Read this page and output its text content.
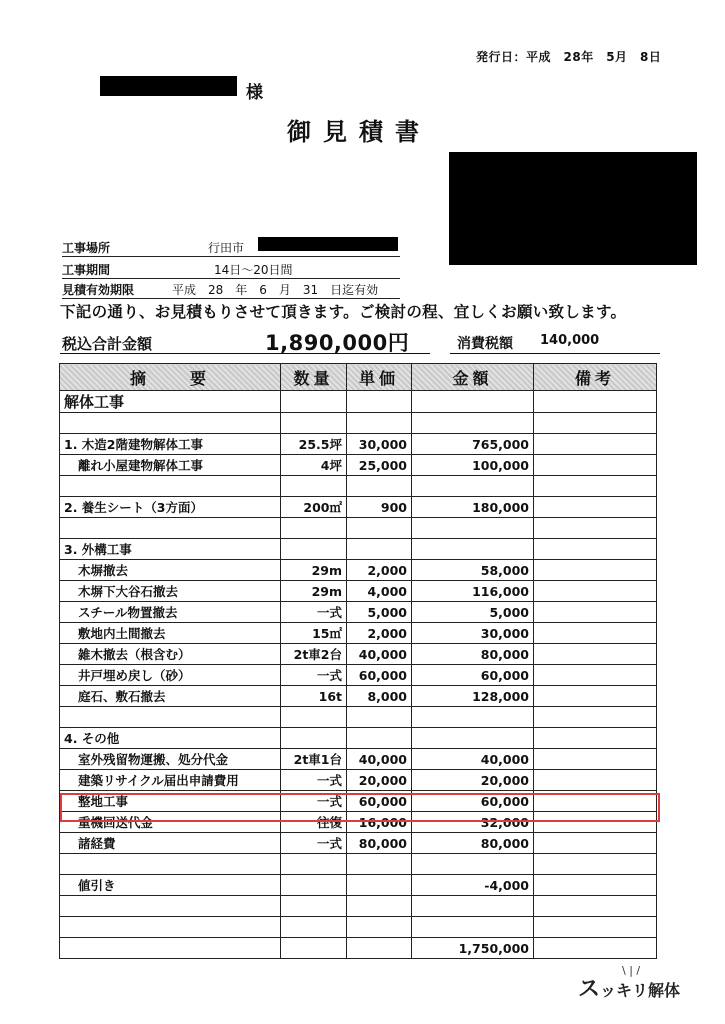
発行日：平成　28年　5月　8日
様
御見積書
工事場所	行田市
工事期間	14日～20日間
見積有効期限	平成　28　年　6　月　31　日迄有効
下記の通り、お見積もりさせて頂きます。ご検討の程、宜しくお願い致します。
税込合計金額	1,890,000円	消費税額 140,000
摘　　要	数量	単価	金額	備考
解体工事				

1. 木造2階建物解体工事	25.5坪	30,000	765,000	
離れ小屋建物解体工事	4坪	25,000	100,000	

2. 養生シート（3方面）	200㎡	900	180,000	

3. 外構工事				
木塀撤去	29m	2,000	58,000	
木塀下大谷石撤去	29m	4,000	116,000	
スチール物置撤去	一式	5,000	5,000	
敷地内土間撤去	15㎡	2,000	30,000	
雑木撤去（根含む）	2t車2台	40,000	80,000	
井戸埋め戻し（砂）	一式	60,000	60,000	
庭石、敷石撤去	16t	8,000	128,000	

4. その他				
室外残留物運搬、処分代金	2t車1台	40,000	40,000	
建築リサイクル届出申請費用	一式	20,000	20,000	
整地工事	一式	60,000	60,000	
重機回送代金	往復	16,000	32,000	
諸経費	一式	80,000	80,000	

値引き			-4,000	

			1,750,000	
\ | /
スッキリ解体
